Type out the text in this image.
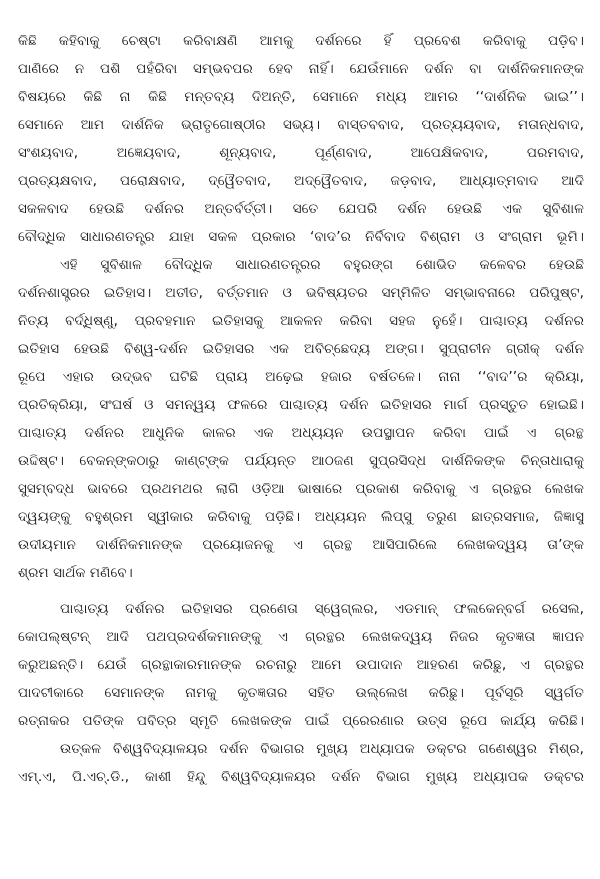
କିଛି କହିବାକୁ ଚେଷ୍ଟା କରିବାକ୍ଷଣି ଆମକୁ ଦର୍ଶନରେ ହିଁ ପ୍ରବେଶ କରିବାକୁ ପଡ଼ିବ।
ପାଣିରେ ନ ପଶି ପହଁରିବା ସମ୍ଭବପର ହେବ ନାହିଁ। ଯେଉଁମାନେ ଦର୍ଶନ ବା ଦାର୍ଶନିକମାନଙ୍କ
ବିଷୟରେ କିଛି ନା କିଛି ମନ୍ତବ୍ୟ ଦିଅନ୍ତି, ସେମାନେ ମଧ୍ୟ ଆମର ‘‘ଦାର୍ଶନିକ ଭାଇ’’।
ସେମାନେ ଆମ ଦାର୍ଶନିକ ଭ୍ରାତୃଗୋଷ୍ଠୀର ସଭ୍ୟ। ବାସ୍ତବବାଦ, ପ୍ରତ୍ୟୟବାଦ, ମତାନ୍ଧବାଦ,
ସଂଶୟବାଦ, ଅଜ୍ଞେୟବାଦ, ଶୂନ୍ୟବାଦ, ପୂର୍ଣ୍ଣବାଦ, ଆପେକ୍ଷିକବାଦ, ପରମବାଦ,
ପ୍ରତ୍ୟକ୍ଷବାଦ, ପରୋକ୍ଷବାଦ, ଦ୍ୱୈତବାଦ, ଅଦ୍ୱୈତବାଦ, ଜଡ଼ବାଦ, ଆଧ୍ୟାତ୍ମବାଦ ଆଦି
ସକଳବାଦ ହେଉଛି ଦର୍ଶନର ଅନ୍ତର୍ବର୍ତ୍ତୀ। ସତେ ଯେପରି ଦର୍ଶନ ହେଉଛି ଏକ ସୁବିଶାଳ
ବୌଦ୍ଧିକ ସାଧାରଣତନ୍ତ୍ର ଯାହା ସକଳ ପ୍ରକାର ‘ବାଦ’ର ନିର୍ବିବାଦ ବିଶ୍ରାମ ଓ ସଂଗ୍ରାମ ଭୂମି।
ଏହି ସୁବିଶାଳ ବୌଦ୍ଧିକ ସାଧାରଣତନ୍ତ୍ରର ବହୁରଙ୍ଗ ଶୋଭିତ କଳେବର ହେଉଛି
ଦର୍ଶନଶାସ୍ତ୍ରର ଇତିହାସ। ଅତୀତ, ବର୍ତ୍ତମାନ ଓ ଭବିଷ୍ୟତର ସମ୍ମିଳିତ ସମ୍ଭାବନାରେ ପରିପୁଷ୍ଟ,
ନିତ୍ୟ ବର୍ଦ୍ଧିଷ୍ଣୁ, ପ୍ରବହମାନ ଇତିହାସକୁ ଆକଳନ କରିବା ସହଜ ନୁହେଁ। ପାଶ୍ଚାତ୍ୟ ଦର୍ଶନର
ଇତିହାସ ହେଉଛି ବିଶ୍ୱ-ଦର୍ଶନ ଇତିହାସର ଏକ ଅବିଚ୍ଛେଦ୍ୟ ଅଙ୍ଗ। ସୁପ୍ରାଚୀନ ଗ୍ରୀକ୍ ଦର୍ଶନ
ରୂପେ ଏହାର ଉଦ୍ଭବ ଘଟିଛି ପ୍ରାୟ ଅଢ଼େଇ ହଜାର ବର୍ଷତଳେ। ନାନା ‘‘ବାଦ’’ର କ୍ରିୟା,
ପ୍ରତିକ୍ରିୟା, ସଂଘର୍ଷ ଓ ସମନ୍ୱୟ ଫଳରେ ପାଶ୍ଚାତ୍ୟ ଦର୍ଶନ ଇତିହାସର ମାର୍ଗ ପ୍ରସ୍ତୁତ ହୋଇଛି।
ପାଶ୍ଚାତ୍ୟ ଦର୍ଶନର ଆଧୁନିକ କାଳର ଏକ ଅଧ୍ୟୟନ ଉପସ୍ଥାପନ କରିବା ପାଇଁ ଏ ଗ୍ରନ୍ଥ
ଉଦ୍ଦିଷ୍ଟ। ବେକନ୍‌ଙ୍କଠାରୁ କାଣ୍ଟ୍‌ଙ୍କ ପର୍ଯ୍ୟନ୍ତ ଆଠଜଣ ସୁପ୍ରସିଦ୍ଧ ଦାର୍ଶନିକଙ୍କ ଚିନ୍ତାଧାରାକୁ
ସୁସମ୍ବଦ୍ଧ ଭାବରେ ପ୍ରଥମଥର ଲାଗି ଓଡ଼ିଆ ଭାଷାରେ ପ୍ରକାଶ କରିବାକୁ ଏ ଗ୍ରନ୍ଥର ଲେଖକ
ଦ୍ୱୟଙ୍କୁ ବହୁଶ୍ରମ ସ୍ୱୀକାର କରିବାକୁ ପଡ଼ିଛି। ଅଧ୍ୟୟନ ଲିପ୍ସୁ ତରୁଣ ଛାତ୍ରସମାଜ, ଜିଜ୍ଞାସୁ
ଉଦୀୟମାନ ଦାର୍ଶନିକମାନଙ୍କ ପ୍ରୟୋଜନକୁ ଏ ଗ୍ରନ୍ଥ ଆସିପାରିଲେ ଲେଖକଦ୍ୱୟ ତା’ଙ୍କ
ଶ୍ରମ ସାର୍ଥକ ମଣିବେ।
ପାଶ୍ଚାତ୍ୟ ଦର୍ଶନର ଇତିହାସର ପ୍ରଣେତା ସ୍ୱେଗ୍‌ଲର, ଏଡମାନ୍ ଫଲକେନ୍‌ବର୍ଗ ରସେଲ,
କୋପଲ୍‌ଷ୍ଟନ୍ ଆଦି ପଥପ୍ରଦର୍ଶକମାନଙ୍କୁ ଏ ଗ୍ରନ୍ଥର ଲେଖକଦ୍ୱୟ ନିଜର କୃତଜ୍ଞତା ଜ୍ଞାପନ
କରୁଅଛନ୍ତି। ଯେଉଁ ଗ୍ରନ୍ଥାକାରମାନଙ୍କ ରଚନାରୁ ଆମେ ଉପାଦାନ ଆହରଣ କରିଛୁ, ଏ ଗ୍ରନ୍ଥର
ପାଦଟୀକାରେ ସେମାନଙ୍କ ନାମକୁ କୃତଜ୍ଞତାର ସହିତ ଉଲ୍ଲେଖ କରିଛୁ। ପୂର୍ବସୂରି ସ୍ୱର୍ଗତ
ରତ୍ନାକର ପତିଙ୍କ ପବିତ୍ର ସ୍ମୃତି ଲେଖକଙ୍କ ପାଇଁ ପ୍ରେରଣାର ଉତ୍ସ ରୂପେ କାର୍ଯ୍ୟ କରିଛି।
ଉତ୍କଳ ବିଶ୍ୱବିଦ୍ୟାଳୟର ଦର୍ଶନ ବିଭାଗର ମୁଖ୍ୟ ଅଧ୍ୟାପକ ଡକ୍ଟର ଗଣେଶ୍ୱର ମିଶ୍ର,
ଏମ୍.ଏ, ପି.ଏଚ୍.ଡି., କାଶୀ ହିନ୍ଦୁ ବିଶ୍ୱବିଦ୍ୟାଳୟର ଦର୍ଶନ ବିଭାଗ ମୁଖ୍ୟ ଅଧ୍ୟାପକ ଡକ୍ଟର
